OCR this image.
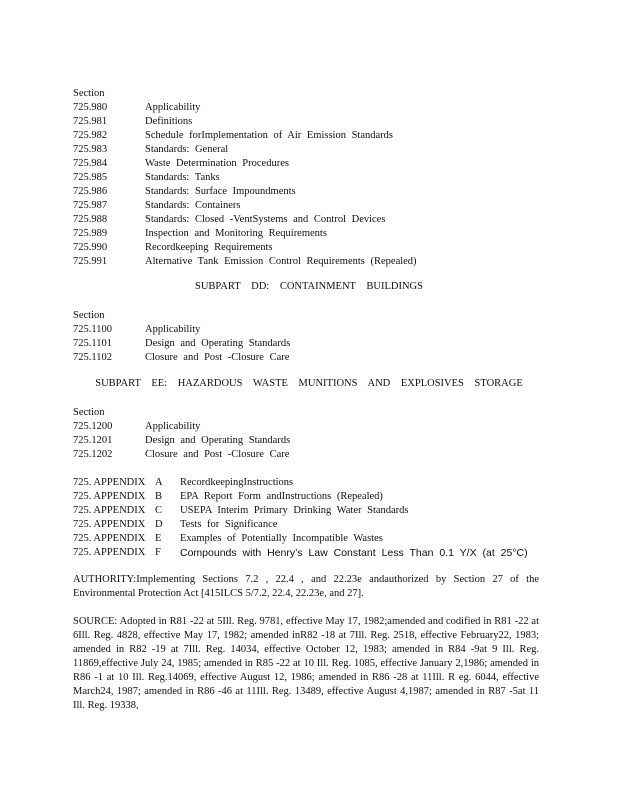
Section
725.980	Applicability
725.981	Definitions
725.982	Schedule forImplementation of Air Emission Standards
725.983	Standards: General
725.984	Waste Determination Procedures
725.985	Standards: Tanks
725.986	Standards: Surface Impoundments
725.987	Standards: Containers
725.988	Standards: Closed -VentSystems and Control Devices
725.989	Inspection and Monitoring Requirements
725.990	Recordkeeping Requirements
725.991	Alternative Tank Emission Control Requirements (Repealed)
SUBPART DD: CONTAINMENT BUILDINGS
Section
725.1100	Applicability
725.1101	Design and Operating Standards
725.1102	Closure and Post -Closure Care
SUBPART EE: HAZARDOUS WASTE MUNITIONS AND EXPLOSIVES STORAGE
Section
725.1200	Applicability
725.1201	Design and Operating Standards
725.1202	Closure and Post -Closure Care
725. APPENDIX A RecordkeepingInstructions
725. APPENDIX B EPA Report Form andInstructions (Repealed)
725. APPENDIX C USEPA Interim Primary Drinking Water Standards
725. APPENDIX D Tests for Significance
725. APPENDIX E Examples of Potentially Incompatible Wastes
725. APPENDIX F Compounds with Henry’s Law Constant Less Than 0.1 Y/X (at 25°C)
AUTHORITY:Implementing Sections 7.2 , 22.4 , and 22.23e andauthorized by Section 27 of the Environmental Protection Act [415ILCS 5/7.2, 22.4, 22.23e, and 27].
SOURCE: Adopted in R81 -22 at 5Ill. Reg. 9781, effective May 17, 1982;amended and codified in R81 -22 at 6Ill. Reg. 4828, effective May 17, 1982; amended inR82 -18 at 7Ill. Reg. 2518, effective February22, 1983; amended in R82 -19 at 7Ill. Reg. 14034, effective October 12, 1983; amended in R84 -9at 9 Ill. Reg. 11869,effective July 24, 1985; amended in R85 -22 at 10 Ill. Reg. 1085, effective January 2,1986; amended in R86 -1 at 10 Ill. Reg.14069, effective August 12, 1986; amended in R86 -28 at 11Ill. R eg. 6044, effective March24, 1987; amended in R86 -46 at 11Ill. Reg. 13489, effective August 4,1987; amended in R87 -5at 11 Ill. Reg. 19338,
